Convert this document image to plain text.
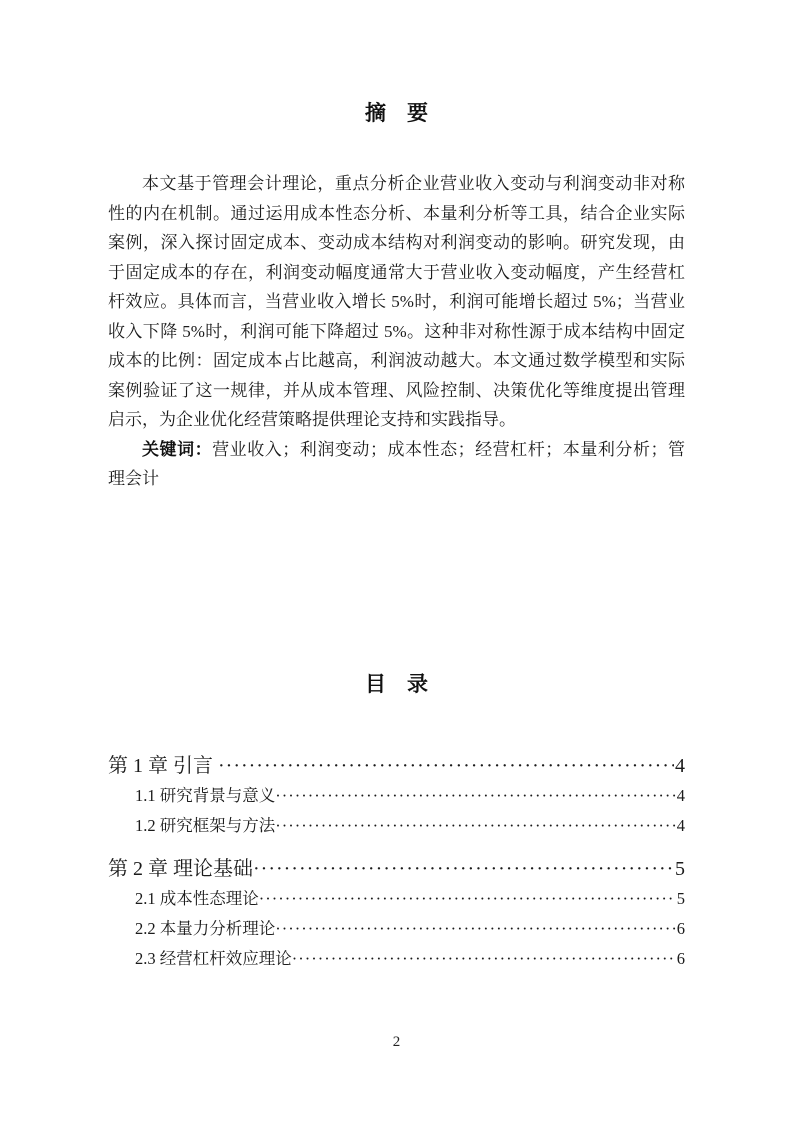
摘　要

本文基于管理会计理论，重点分析企业营业收入变动与利润变动非对称性的内在机制。通过运用成本性态分析、本量利分析等工具，结合企业实际案例，深入探讨固定成本、变动成本结构对利润变动的影响。研究发现，由于固定成本的存在，利润变动幅度通常大于营业收入变动幅度，产生经营杠杆效应。具体而言，当营业收入增长 5%时，利润可能增长超过 5%；当营业收入下降 5%时，利润可能下降超过 5%。这种非对称性源于成本结构中固定成本的比例：固定成本占比越高，利润波动越大。本文通过数学模型和实际案例验证了这一规律，并从成本管理、风险控制、决策优化等维度提出管理启示，为企业优化经营策略提供理论支持和实践指导。

关键词：营业收入；利润变动；成本性态；经营杠杆；本量利分析；管理会计

目　录
第 1 章 引言 ·····	4
1.1 研究背景与意义 ·····	4
1.2 研究框架与方法 ·····	4
第 2 章 理论基础 ·····	5
2.1 成本性态理论 ·····	5
2.2 本量力分析理论 ·····	6
2.3 经营杠杆效应理论 ·····	6
2
